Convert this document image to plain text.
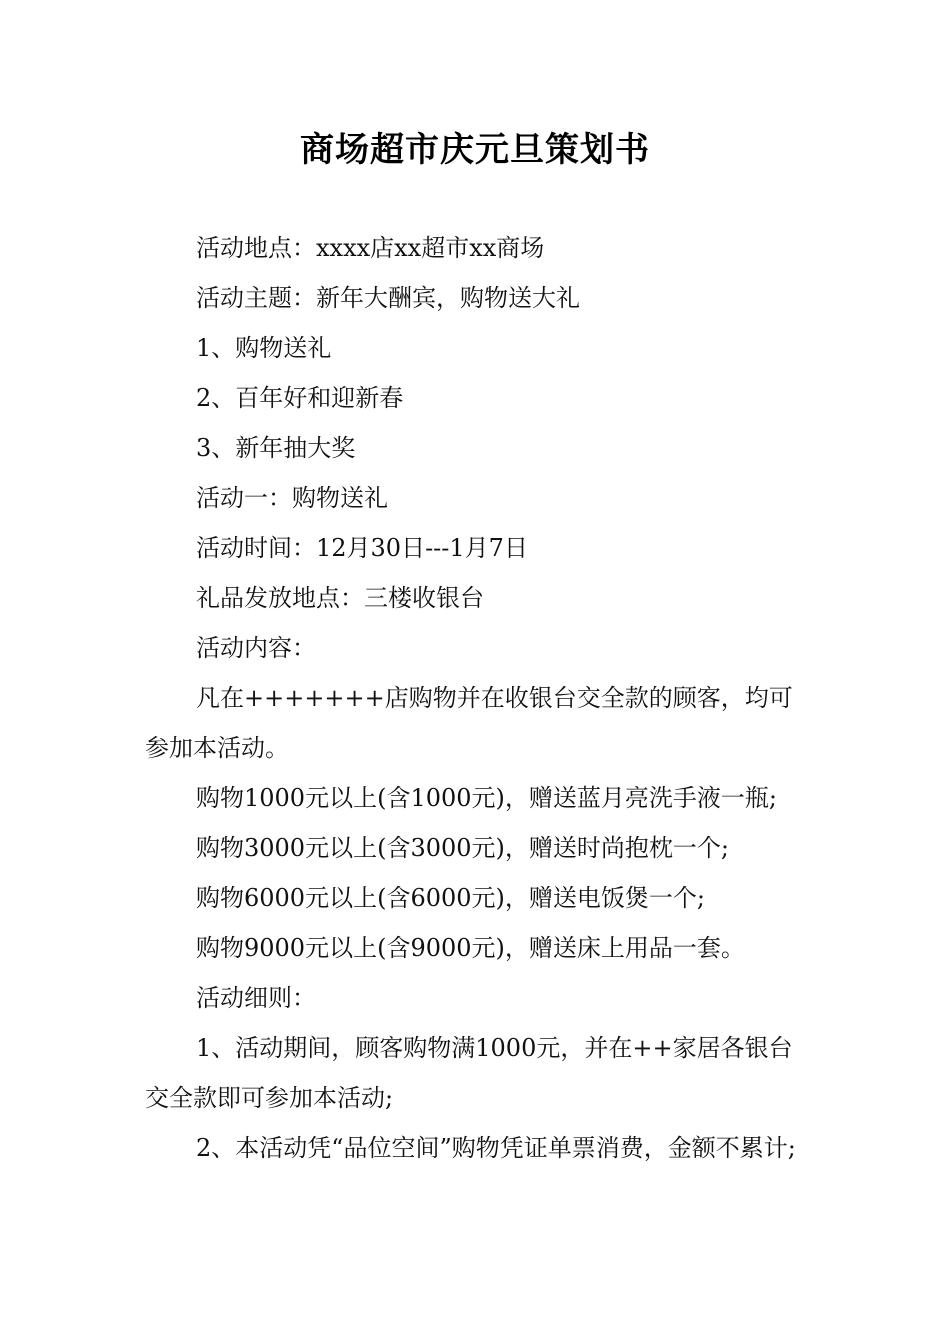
商场超市庆元旦策划书

活动地点：xxxx店xx超市xx商场

活动主题：新年大酬宾，购物送大礼

1、购物送礼

2、百年好和迎新春

3、新年抽大奖

活动一：购物送礼

活动时间：12月30日---1月7日

礼品发放地点：三楼收银台

活动内容：

凡在+++++++店购物并在收银台交全款的顾客，均可参加本活动。

购物1000元以上(含1000元)，赠送蓝月亮洗手液一瓶;

购物3000元以上(含3000元)，赠送时尚抱枕一个;

购物6000元以上(含6000元)，赠送电饭煲一个;

购物9000元以上(含9000元)，赠送床上用品一套。

活动细则：

1、活动期间，顾客购物满1000元，并在++家居各银台交全款即可参加本活动;

2、本活动凭“品位空间”购物凭证单票消费，金额不累计;
